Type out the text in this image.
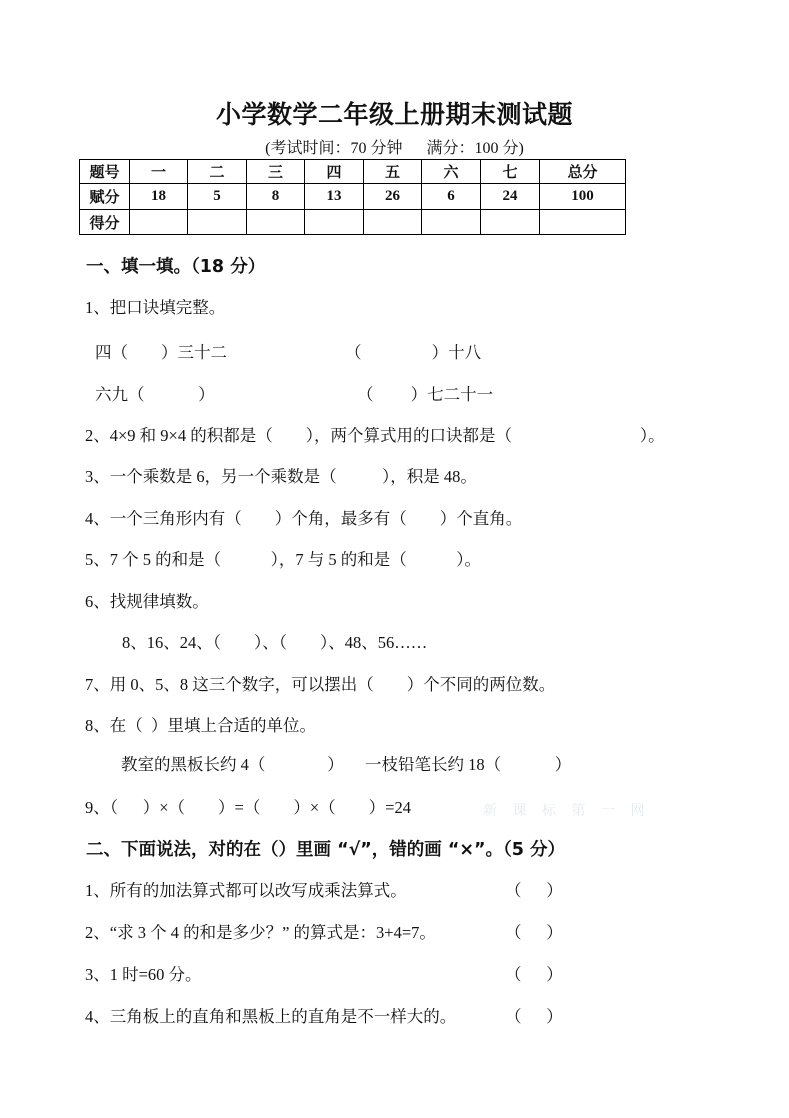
小学数学二年级上册期末测试题
(考试时间：70 分钟      满分：100 分)
题号	一	二	三	四	五	六	七	总分
赋分	18	5	8	13	26	6	24	100
得分								
一、填一填。（18 分）
1、把口诀填完整。
四（        ）三十二	（                 ）十八
六九（             ）	（         ）七二十一
2、4×9 和 9×4 的积都是（        ），两个算式用的口诀都是（                               ）。
3、一个乘数是 6，另一个乘数是（           ），积是 48。
4、一个三角形内有（        ）个角，最多有（        ）个直角。
5、7 个 5 的和是（            ），7 与 5 的和是（            ）。
6、找规律填数。
8、16、24、（        ）、（        ）、48、56……
7、用 0、5、8 这三个数字，可以摆出（        ）个不同的两位数。
8、在（  ）里填上合适的单位。
教室的黑板长约 4（               ） 一枝铅笔长约 18（             ）
9、（      ）×（        ）=（        ）×（        ）=24	新 课 标 第 一 网
二、下面说法，对的在（）里画 “√”，错的画 “×”。（5 分）
1、所有的加法算式都可以改写成乘法算式。	（      ）
2、“求 3 个 4 的和是多少？” 的算式是：3+4=7。	（      ）
3、1 时=60 分。	（      ）
4、三角板上的直角和黑板上的直角是不一样大的。	（      ）
